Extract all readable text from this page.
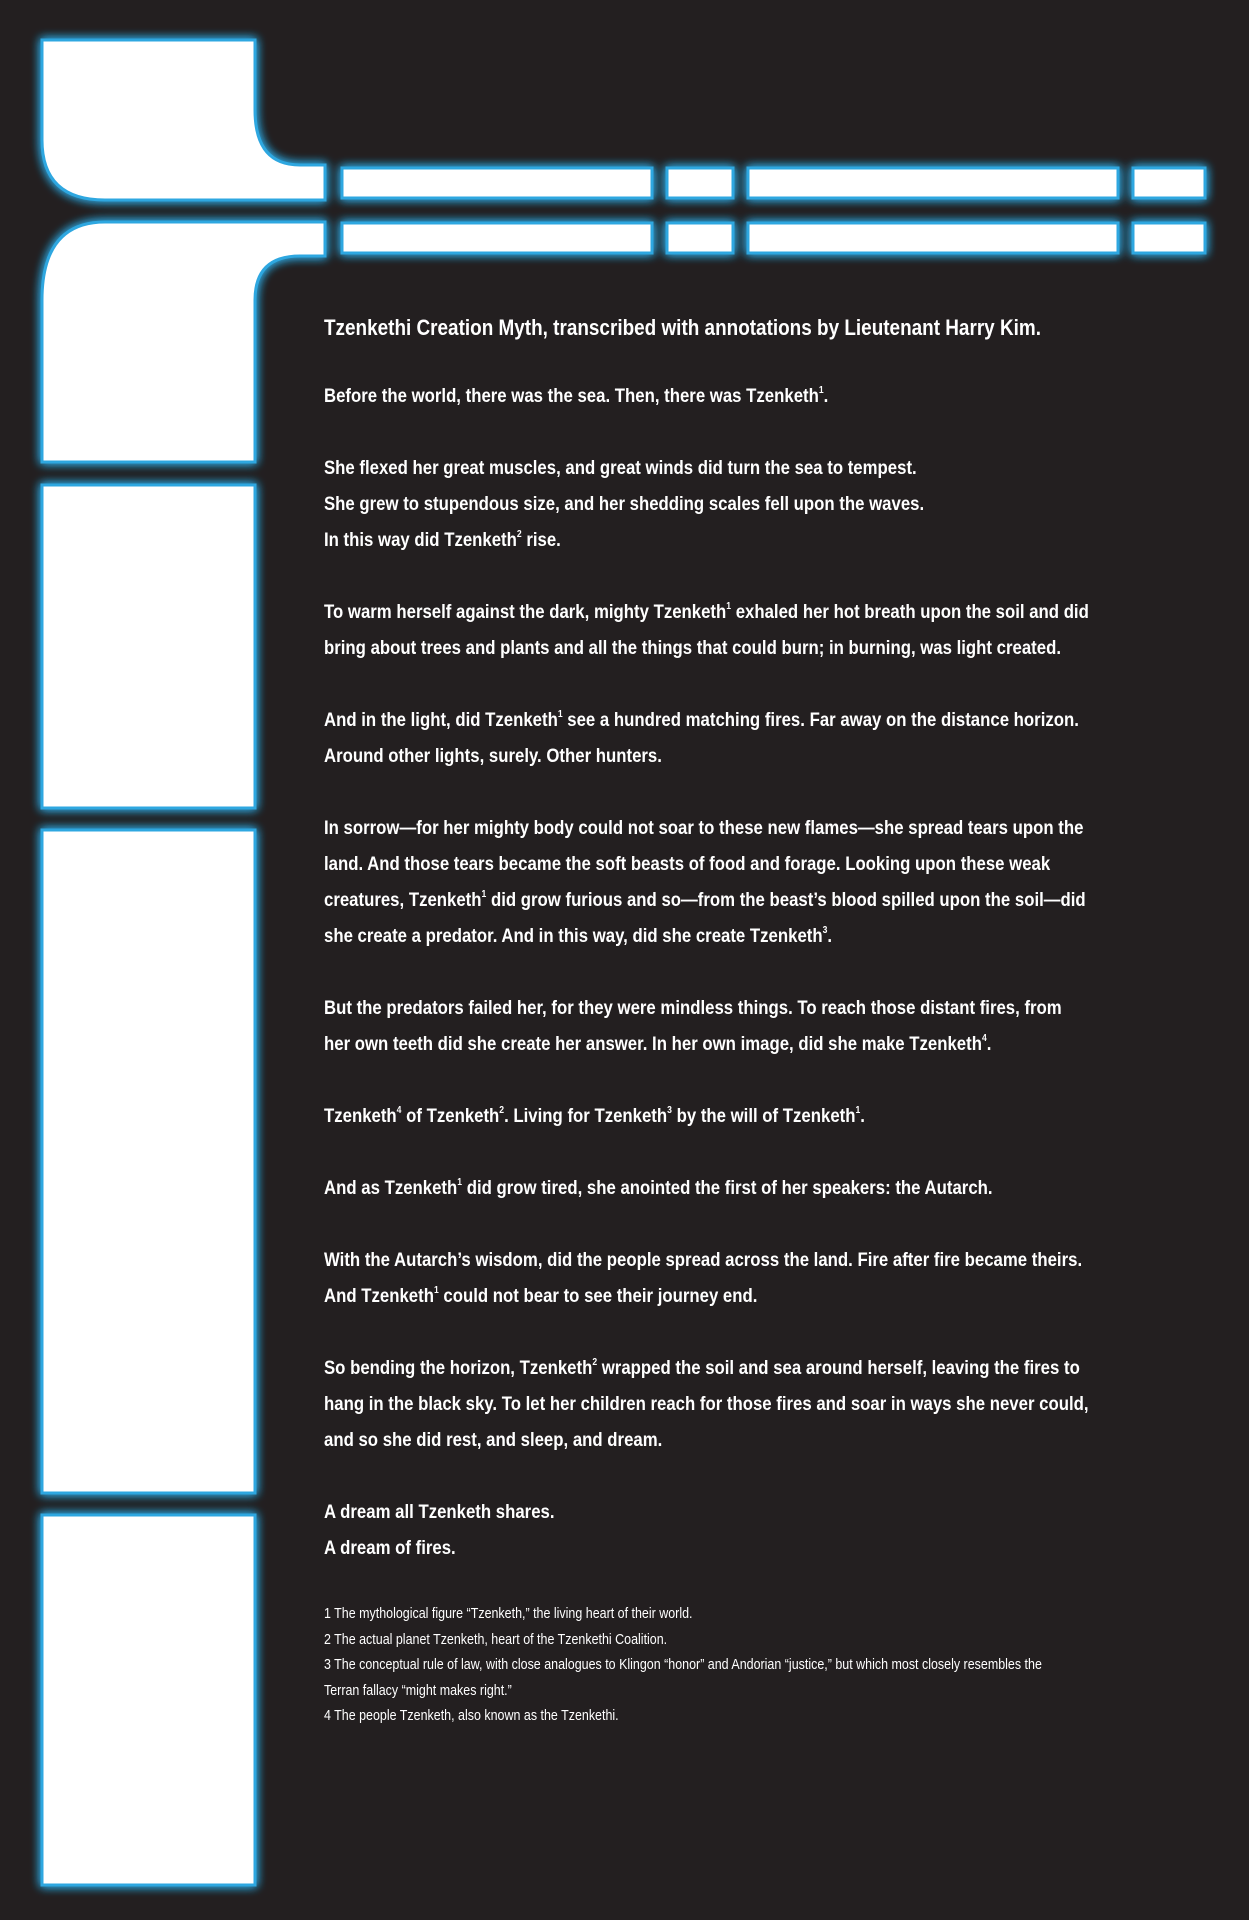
Tzenkethi Creation Myth, transcribed with annotations by Lieutenant Harry Kim.
Before the world, there was the sea. Then, there was Tzenketh$^1$.
She flexed her great muscles, and great winds did turn the sea to tempest.
She grew to stupendous size, and her shedding scales fell upon the waves.
In this way did Tzenketh$^2$ rise.
To warm herself against the dark, mighty Tzenketh$^1$ exhaled her hot breath upon the soil and did
bring about trees and plants and all the things that could burn; in burning, was light created.
And in the light, did Tzenketh$^1$ see a hundred matching fires. Far away on the distance horizon.
Around other lights, surely. Other hunters.
In sorrow—for her mighty body could not soar to these new flames—she spread tears upon the
land. And those tears became the soft beasts of food and forage. Looking upon these weak
creatures, Tzenketh$^1$ did grow furious and so—from the beast’s blood spilled upon the soil—did
she create a predator. And in this way, did she create Tzenketh$^3$.
But the predators failed her, for they were mindless things. To reach those distant fires, from
her own teeth did she create her answer. In her own image, did she make Tzenketh$^4$.
Tzenketh$^4$ of Tzenketh$^2$. Living for Tzenketh$^3$ by the will of Tzenketh$^1$.
And as Tzenketh$^1$ did grow tired, she anointed the first of her speakers: the Autarch.
With the Autarch’s wisdom, did the people spread across the land. Fire after fire became theirs.
And Tzenketh$^1$ could not bear to see their journey end.
So bending the horizon, Tzenketh$^2$ wrapped the soil and sea around herself, leaving the fires to
hang in the black sky. To let her children reach for those fires and soar in ways she never could,
and so she did rest, and sleep, and dream.
A dream all Tzenketh shares.
A dream of fires.
1 The mythological figure “Tzenketh,” the living heart of their world.
2 The actual planet Tzenketh, heart of the Tzenkethi Coalition.
3 The conceptual rule of law, with close analogues to Klingon “honor” and Andorian “justice,” but which most closely resembles the
Terran fallacy “might makes right.”
4 The people Tzenketh, also known as the Tzenkethi.
